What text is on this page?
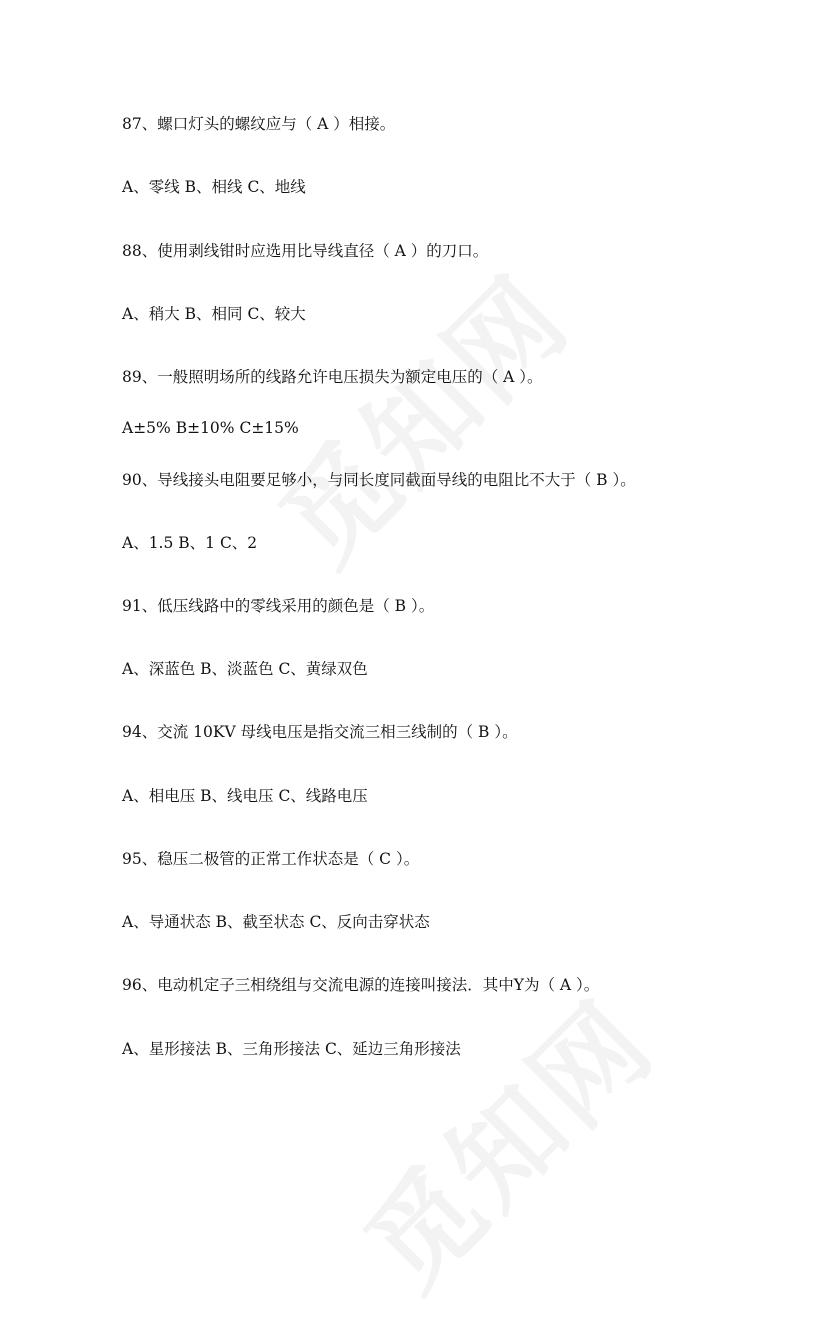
87、螺口灯头的螺纹应与（ A ）相接。
A、零线 B、相线 C、地线
88、使用剥线钳时应选用比导线直径（ A ）的刀口。
A、稍大 B、相同 C、较大
89、一般照明场所的线路允许电压损失为额定电压的（ A ）。
A±5% B±10% C±15%
90、导线接头电阻要足够小，与同长度同截面导线的电阻比不大于（ B ）。
A、1.5 B、1 C、2
91、低压线路中的零线采用的颜色是（ B ）。
A、深蓝色 B、淡蓝色 C、黄绿双色
94、交流 10KV 母线电压是指交流三相三线制的（ B ）。
A、相电压 B、线电压 C、线路电压
95、稳压二极管的正常工作状态是（ C ）。
A、导通状态 B、截至状态 C、反向击穿状态
96、电动机定子三相绕组与交流电源的连接叫接法．其中Υ为（ A ）。
A、星形接法 B、三角形接法 C、延边三角形接法
